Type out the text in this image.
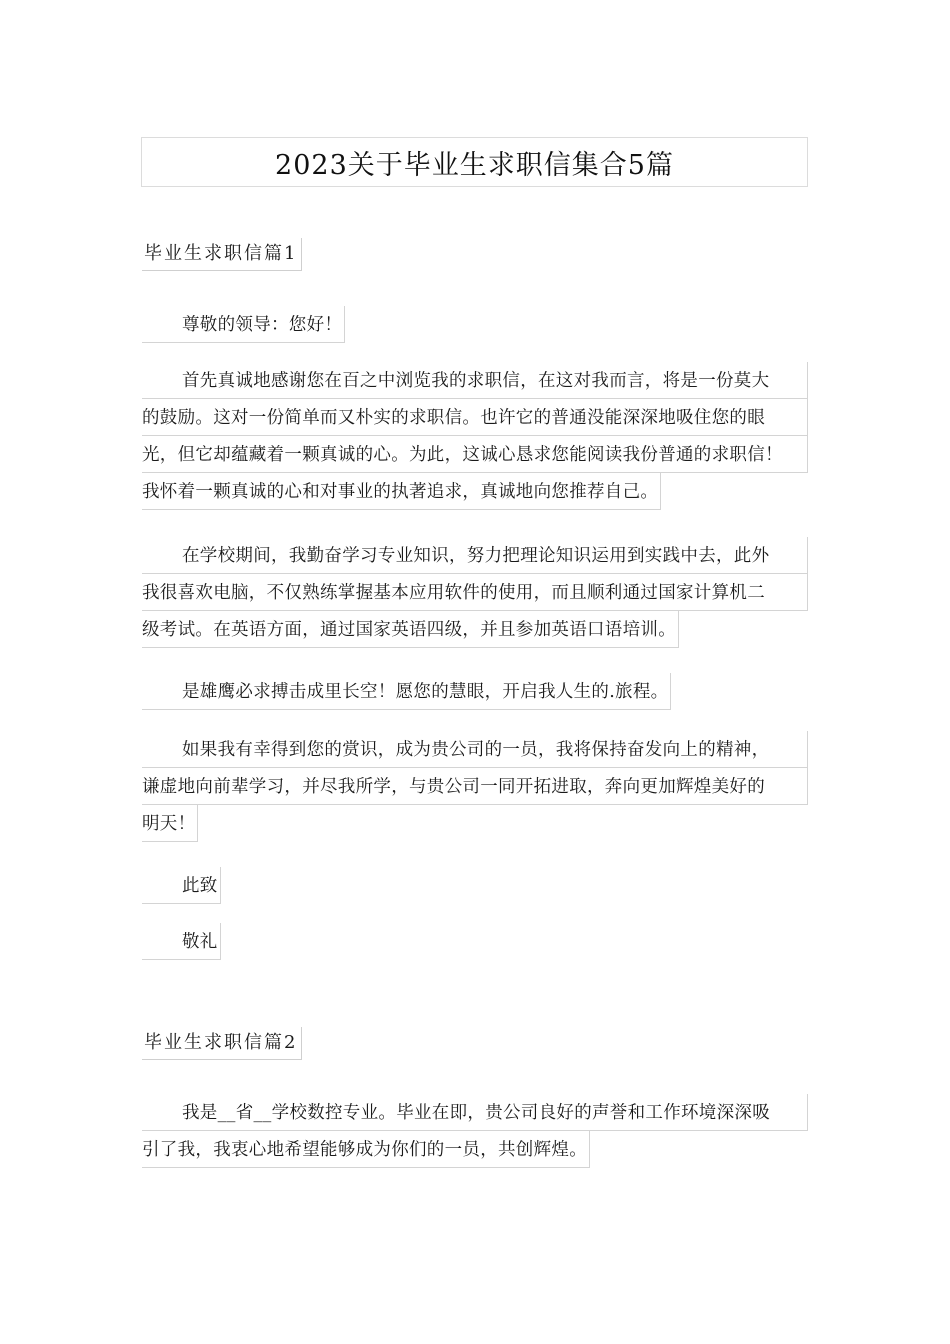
2023关于毕业生求职信集合5篇
毕业生求职信篇1
尊敬的领导：您好！
首先真诚地感谢您在百之中浏览我的求职信，在这对我而言，将是一份莫大
的鼓励。这对一份简单而又朴实的求职信。也许它的普通没能深深地吸住您的眼
光，但它却蕴藏着一颗真诚的心。为此，这诚心恳求您能阅读我份普通的求职信！
我怀着一颗真诚的心和对事业的执著追求，真诚地向您推荐自己。
在学校期间，我勤奋学习专业知识，努力把理论知识运用到实践中去，此外
我很喜欢电脑，不仅熟练掌握基本应用软件的使用，而且顺利通过国家计算机二
级考试。在英语方面，通过国家英语四级，并且参加英语口语培训。
是雄鹰必求搏击成里长空！愿您的慧眼，开启我人生的.旅程。
如果我有幸得到您的赏识，成为贵公司的一员，我将保持奋发向上的精神，
谦虚地向前辈学习，并尽我所学，与贵公司一同开拓进取，奔向更加辉煌美好的
明天！
此致
敬礼
毕业生求职信篇2
我是__省__学校数控专业。毕业在即，贵公司良好的声誉和工作环境深深吸
引了我，我衷心地希望能够成为你们的一员，共创辉煌。
